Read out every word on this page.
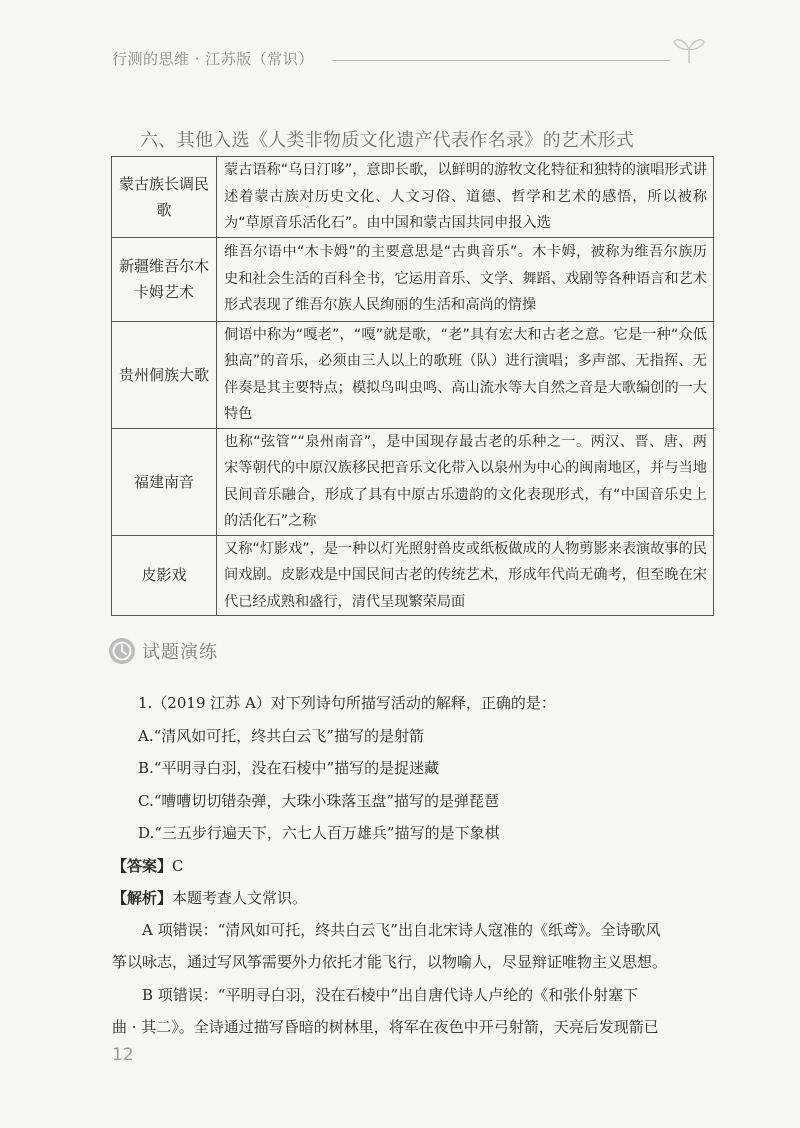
行测的思维 · 江苏版（常识）
六、其他入选《人类非物质文化遗产代表作名录》的艺术形式
蒙古族长调民歌	蒙古语称“乌日汀哆”，意即长歌，以鲜明的游牧文化特征和独特的演唱形式讲述着蒙古族对历史文化、人文习俗、道德、哲学和艺术的感悟，所以被称为“草原音乐活化石”。由中国和蒙古国共同申报入选
新疆维吾尔木卡姆艺术	维吾尔语中“木卡姆”的主要意思是“古典音乐”。木卡姆，被称为维吾尔族历史和社会生活的百科全书，它运用音乐、文学、舞蹈、戏剧等各种语言和艺术形式表现了维吾尔族人民绚丽的生活和高尚的情操
贵州侗族大歌	侗语中称为“嘎老”，“嘎”就是歌，“老”具有宏大和古老之意。它是一种“众低独高”的音乐，必须由三人以上的歌班（队）进行演唱；多声部、无指挥、无伴奏是其主要特点；模拟鸟叫虫鸣、高山流水等大自然之音是大歌编创的一大特色
福建南音	也称“弦管”“泉州南音”，是中国现存最古老的乐种之一。两汉、晋、唐、两宋等朝代的中原汉族移民把音乐文化带入以泉州为中心的闽南地区，并与当地民间音乐融合，形成了具有中原古乐遗韵的文化表现形式，有“中国音乐史上的活化石”之称
皮影戏	又称“灯影戏”，是一种以灯光照射兽皮或纸板做成的人物剪影来表演故事的民间戏剧。皮影戏是中国民间古老的传统艺术，形成年代尚无确考，但至晚在宋代已经成熟和盛行，清代呈现繁荣局面
试题演练
1.（2019 江苏 A）对下列诗句所描写活动的解释，正确的是：
A.“清风如可托，终共白云飞”描写的是射箭
B.“平明寻白羽，没在石棱中”描写的是捉迷藏
C.“嘈嘈切切错杂弹，大珠小珠落玉盘”描写的是弹琵琶
D.“三五步行遍天下，六七人百万雄兵”描写的是下象棋
【答案】C
【解析】本题考查人文常识。
A 项错误：“清风如可托，终共白云飞”出自北宋诗人寇准的《纸鸢》。全诗歌风
筝以咏志，通过写风筝需要外力依托才能飞行，以物喻人，尽显辩证唯物主义思想。
B 项错误：“平明寻白羽，没在石棱中”出自唐代诗人卢纶的《和张仆射塞下
曲 · 其二》。全诗通过描写昏暗的树林里，将军在夜色中开弓射箭，天亮后发现箭已
12
